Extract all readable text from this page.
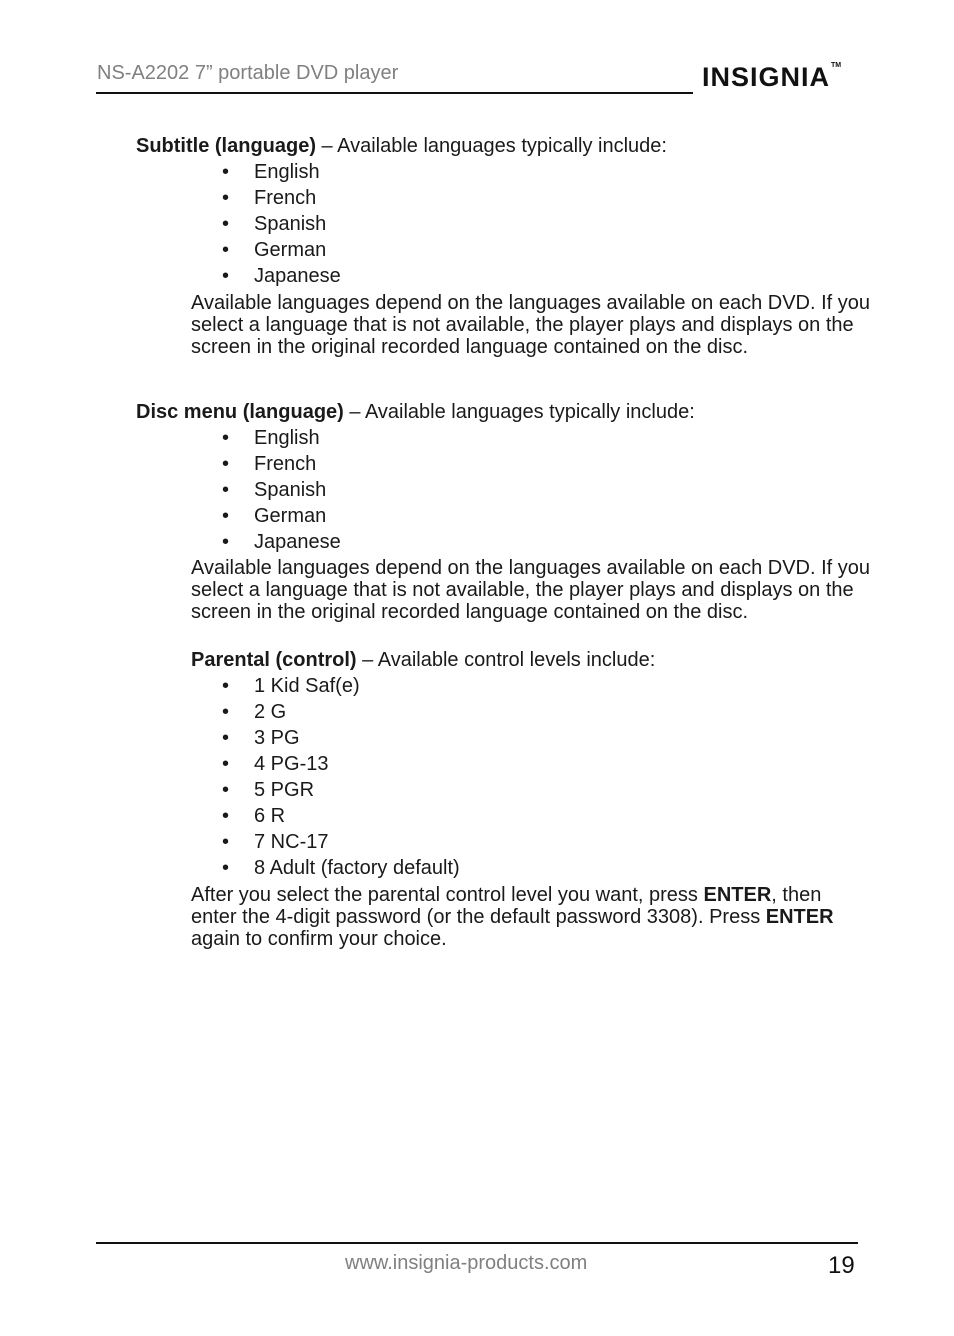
NS-A2202 7” portable DVD player	INSIGNIA™
Subtitle (language) – Available languages typically include:
• English
• French
• Spanish
• German
• Japanese
Available languages depend on the languages available on each DVD. If you select a language that is not available, the player plays and displays on the screen in the original recorded language contained on the disc.
Disc menu (language) – Available languages typically include:
• English
• French
• Spanish
• German
• Japanese
Available languages depend on the languages available on each DVD. If you select a language that is not available, the player plays and displays on the screen in the original recorded language contained on the disc.
Parental (control) – Available control levels include:
• 1 Kid Saf(e)
• 2 G
• 3 PG
• 4 PG-13
• 5 PGR
• 6 R
• 7 NC-17
• 8 Adult (factory default)
After you select the parental control level you want, press ENTER, then enter the 4-digit password (or the default password 3308). Press ENTER again to confirm your choice.
www.insignia-products.com	19
